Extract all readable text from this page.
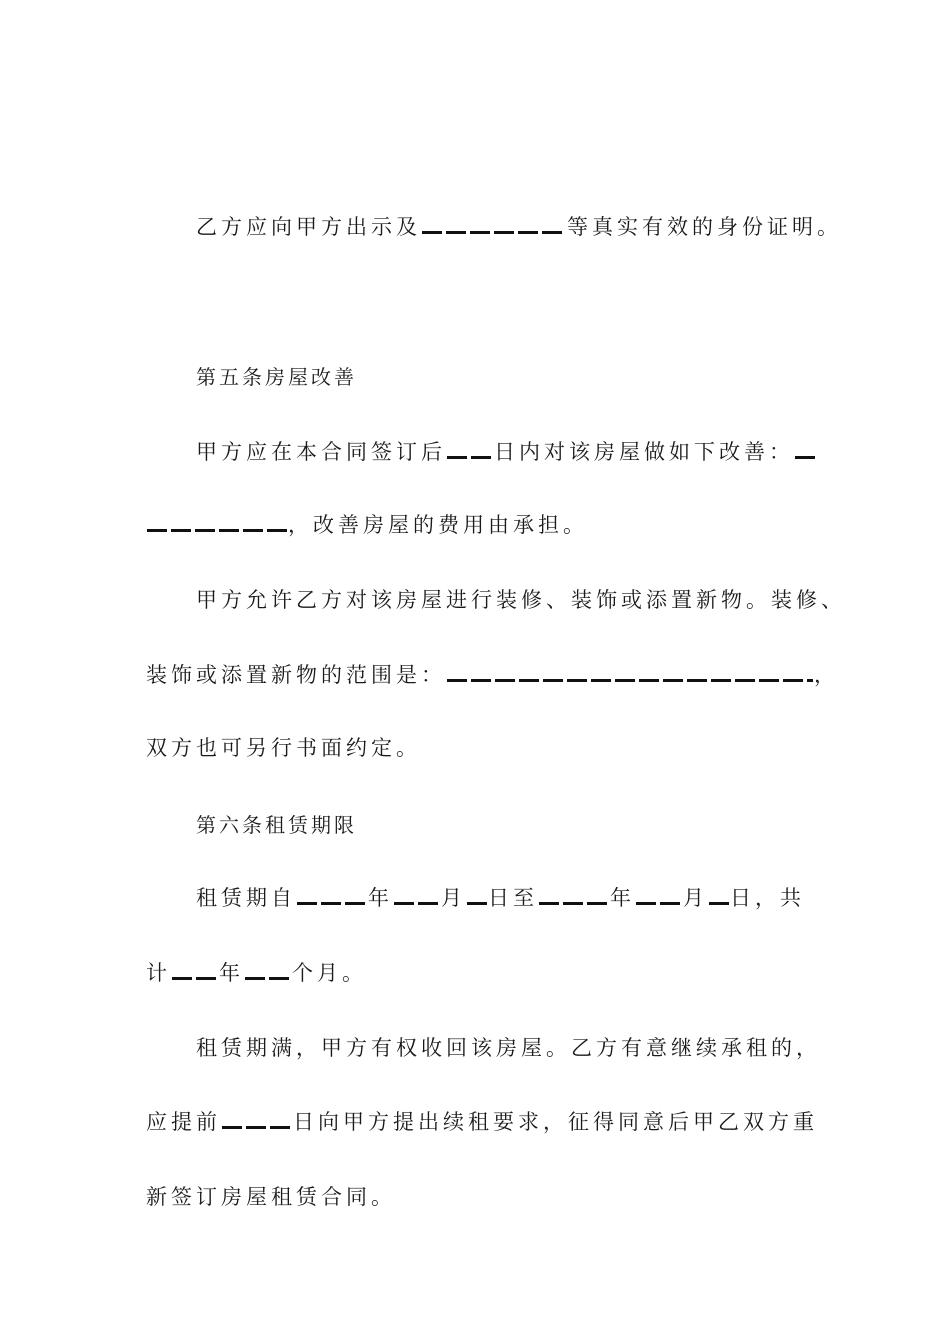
乙方应向甲方出示及	等真实有效的身份证明。
第五条房屋改善
甲方应在本合同签订后 日内对该房屋做如下改善：
，改善房屋的费用由承担。
甲方允许乙方对该房屋进行装修、装饰或添置新物。装修、
装饰或添置新物的范围是：	，
双方也可另行书面约定。
第六条租赁期限
租赁期自	年 月 日至	年 月 日，共
计 年 个月。
租赁期满，甲方有权收回该房屋。乙方有意继续承租的，
应提前	日向甲方提出续租要求，征得同意后甲乙双方重
新签订房屋租赁合同。
